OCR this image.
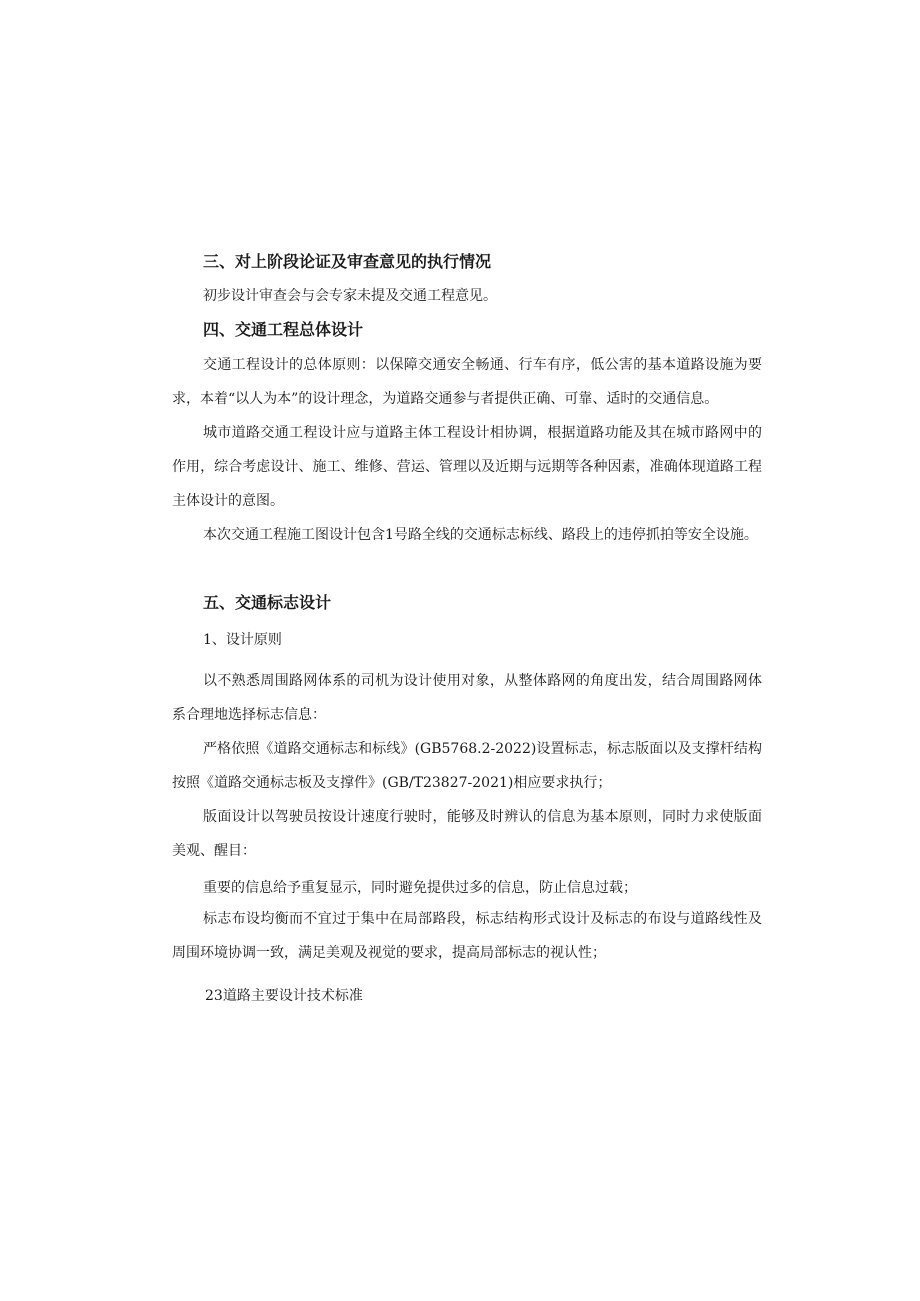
三、对上阶段论证及审查意见的执行情况
初步设计审查会与会专家未提及交通工程意见。
四、交通工程总体设计

交通工程设计的总体原则：以保障交通安全畅通、行车有序，低公害的基本道路设施为要求，本着“以人为本”的设计理念，为道路交通参与者提供正确、可靠、适时的交通信息。

城市道路交通工程设计应与道路主体工程设计相协调，根据道路功能及其在城市路网中的作用，综合考虑设计、施工、维修、营运、管理以及近期与远期等各种因素，准确体现道路工程主体设计的意图。

本次交通工程施工图设计包含1号路全线的交通标志标线、路段上的违停抓拍等安全设施。

五、交通标志设计
1、设计原则

以不熟悉周围路网体系的司机为设计使用对象，从整体路网的角度出发，结合周围路网体系合理地选择标志信息：

严格依照《道路交通标志和标线》(GB5768.2-2022)设置标志，标志版面以及支撑杆结构按照《道路交通标志板及支撑件》(GB/T23827-2021)相应要求执行；

版面设计以驾驶员按设计速度行驶时，能够及时辨认的信息为基本原则，同时力求使版面美观、醒目：

重要的信息给予重复显示，同时避免提供过多的信息，防止信息过载；

标志布设均衡而不宜过于集中在局部路段，标志结构形式设计及标志的布设与道路线性及周围环境协调一致，满足美观及视觉的要求，提高局部标志的视认性；

23道路主要设计技术标准
